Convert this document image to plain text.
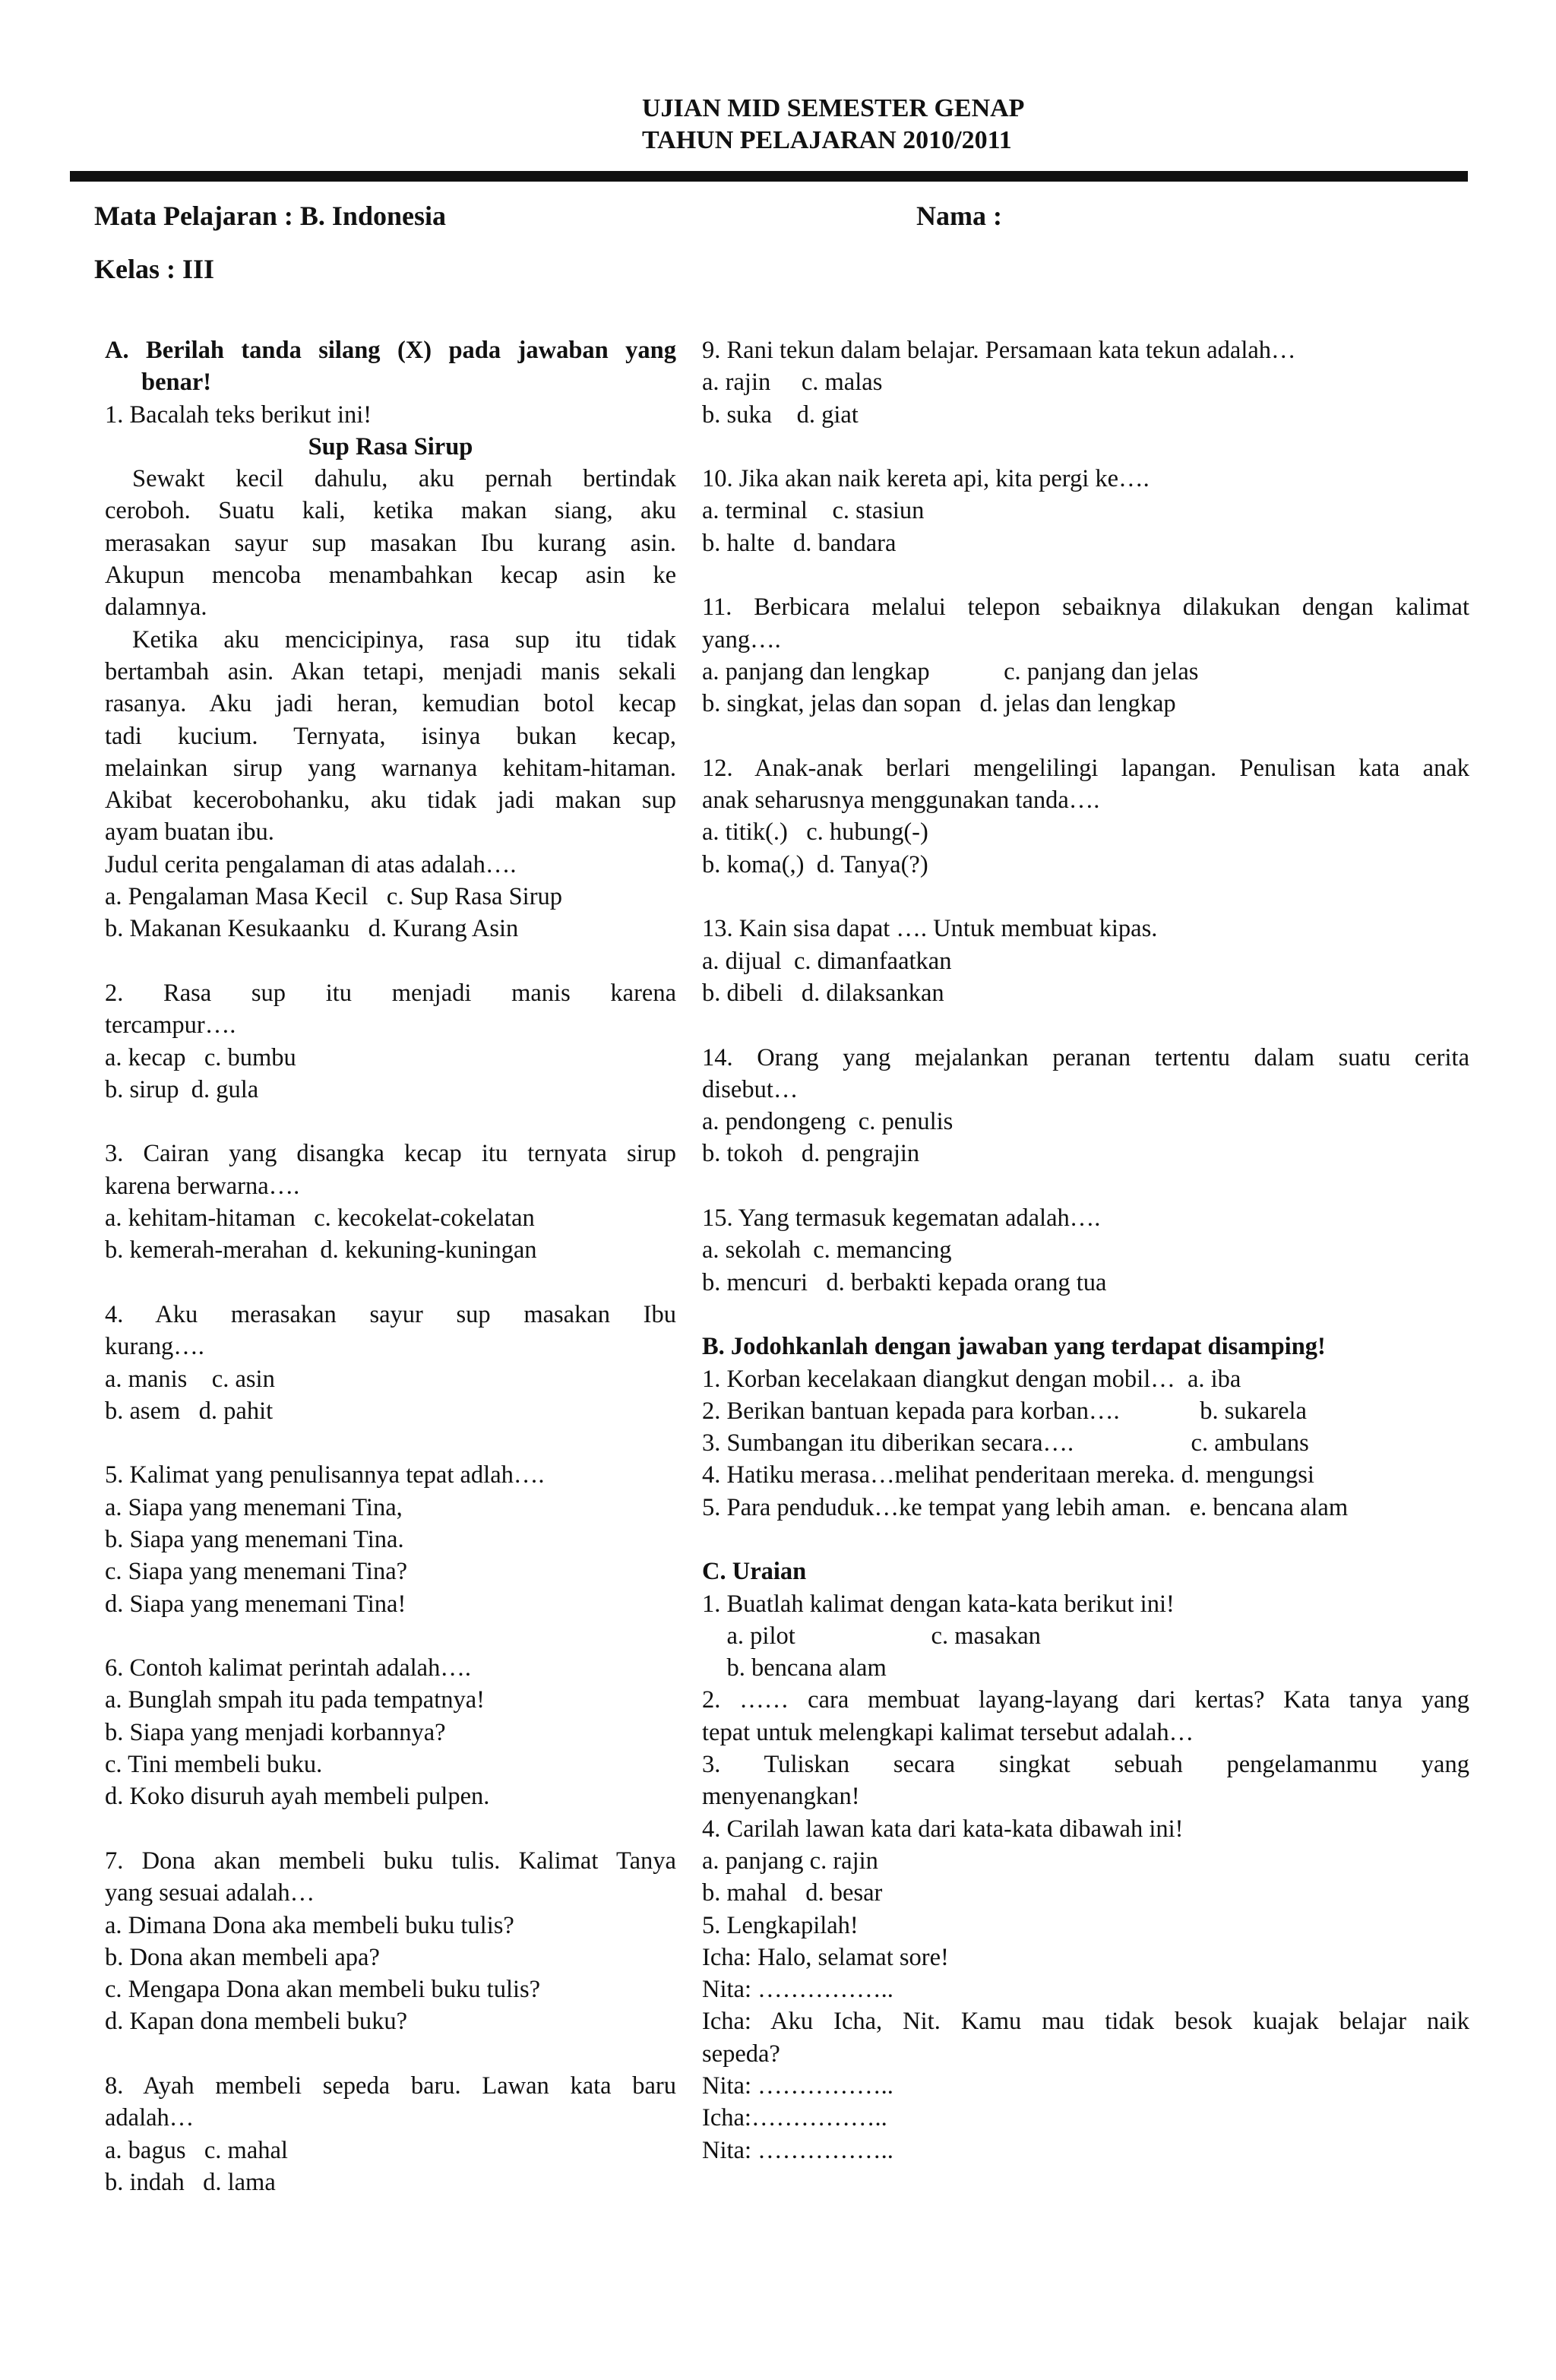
UJIAN MID SEMESTER GENAP
TAHUN PELAJARAN 2010/2011
Mata Pelajaran : B. Indonesia	Nama :
Kelas : III
A. Berilah tanda silang (X) pada jawaban yang
benar!
1. Bacalah teks berikut ini!
Sup Rasa Sirup
Sewakt kecil dahulu, aku pernah bertindak
ceroboh. Suatu kali, ketika makan siang, aku
merasakan sayur sup masakan Ibu kurang asin.
Akupun mencoba menambahkan kecap asin ke
dalamnya.
Ketika aku mencicipinya, rasa sup itu tidak
bertambah asin. Akan tetapi, menjadi manis sekali
rasanya. Aku jadi heran, kemudian botol kecap
tadi kucium. Ternyata, isinya bukan kecap,
melainkan sirup yang warnanya kehitam-hitaman.
Akibat kecerobohanku, aku tidak jadi makan sup
ayam buatan ibu.
Judul cerita pengalaman di atas adalah….
a. Pengalaman Masa Kecil   c. Sup Rasa Sirup
b. Makanan Kesukaanku   d. Kurang Asin
2. Rasa sup itu menjadi manis karena
tercampur….
a. kecap   c. bumbu
b. sirup  d. gula
3. Cairan yang disangka kecap itu ternyata sirup
karena berwarna….
a. kehitam-hitaman   c. kecokelat-cokelatan
b. kemerah-merahan  d. kekuning-kuningan
4. Aku merasakan sayur sup masakan Ibu
kurang….
a. manis    c. asin
b. asem   d. pahit
5. Kalimat yang penulisannya tepat adlah….
a. Siapa yang menemani Tina,
b. Siapa yang menemani Tina.
c. Siapa yang menemani Tina?
d. Siapa yang menemani Tina!
6. Contoh kalimat perintah adalah….
a. Bunglah smpah itu pada tempatnya!
b. Siapa yang menjadi korbannya?
c. Tini membeli buku.
d. Koko disuruh ayah membeli pulpen.
7. Dona akan membeli buku tulis. Kalimat Tanya
yang sesuai adalah…
a. Dimana Dona aka membeli buku tulis?
b. Dona akan membeli apa?
c. Mengapa Dona akan membeli buku tulis?
d. Kapan dona membeli buku?
8. Ayah membeli sepeda baru. Lawan kata baru
adalah…
a. bagus   c. mahal
b. indah   d. lama
9. Rani tekun dalam belajar. Persamaan kata tekun adalah…
a. rajin     c. malas
b. suka    d. giat
10. Jika akan naik kereta api, kita pergi ke….
a. terminal    c. stasiun
b. halte   d. bandara
11. Berbicara melalui telepon sebaiknya dilakukan dengan kalimat
yang….
a. panjang dan lengkap            c. panjang dan jelas
b. singkat, jelas dan sopan   d. jelas dan lengkap
12. Anak-anak berlari mengelilingi lapangan. Penulisan kata anak
anak seharusnya menggunakan tanda….
a. titik(.)   c. hubung(-)
b. koma(,)  d. Tanya(?)
13. Kain sisa dapat …. Untuk membuat kipas.
a. dijual  c. dimanfaatkan
b. dibeli   d. dilaksankan
14. Orang yang mejalankan peranan tertentu dalam suatu cerita
disebut…
a. pendongeng  c. penulis
b. tokoh   d. pengrajin
15. Yang termasuk kegematan adalah….
a. sekolah  c. memancing
b. mencuri   d. berbakti kepada orang tua
B. Jodohkanlah dengan jawaban yang terdapat disamping!
1. Korban kecelakaan diangkut dengan mobil…  a. iba
2. Berikan bantuan kepada para korban….             b. sukarela
3. Sumbangan itu diberikan secara….                   c. ambulans
4. Hatiku merasa…melihat penderitaan mereka. d. mengungsi
5. Para penduduk…ke tempat yang lebih aman.   e. bencana alam
C. Uraian
1. Buatlah kalimat dengan kata-kata berikut ini!
a. pilot                      c. masakan
b. bencana alam
2. …… cara membuat layang-layang dari kertas? Kata tanya yang
tepat untuk melengkapi kalimat tersebut adalah…
3. Tuliskan secara singkat sebuah pengelamanmu yang
menyenangkan!
4. Carilah lawan kata dari kata-kata dibawah ini!
a. panjang c. rajin
b. mahal   d. besar
5. Lengkapilah!
Icha: Halo, selamat sore!
Nita: ……………..
Icha: Aku Icha, Nit. Kamu mau tidak besok kuajak belajar naik
sepeda?
Nita: ……………..
Icha:……………..
Nita: ……………..
